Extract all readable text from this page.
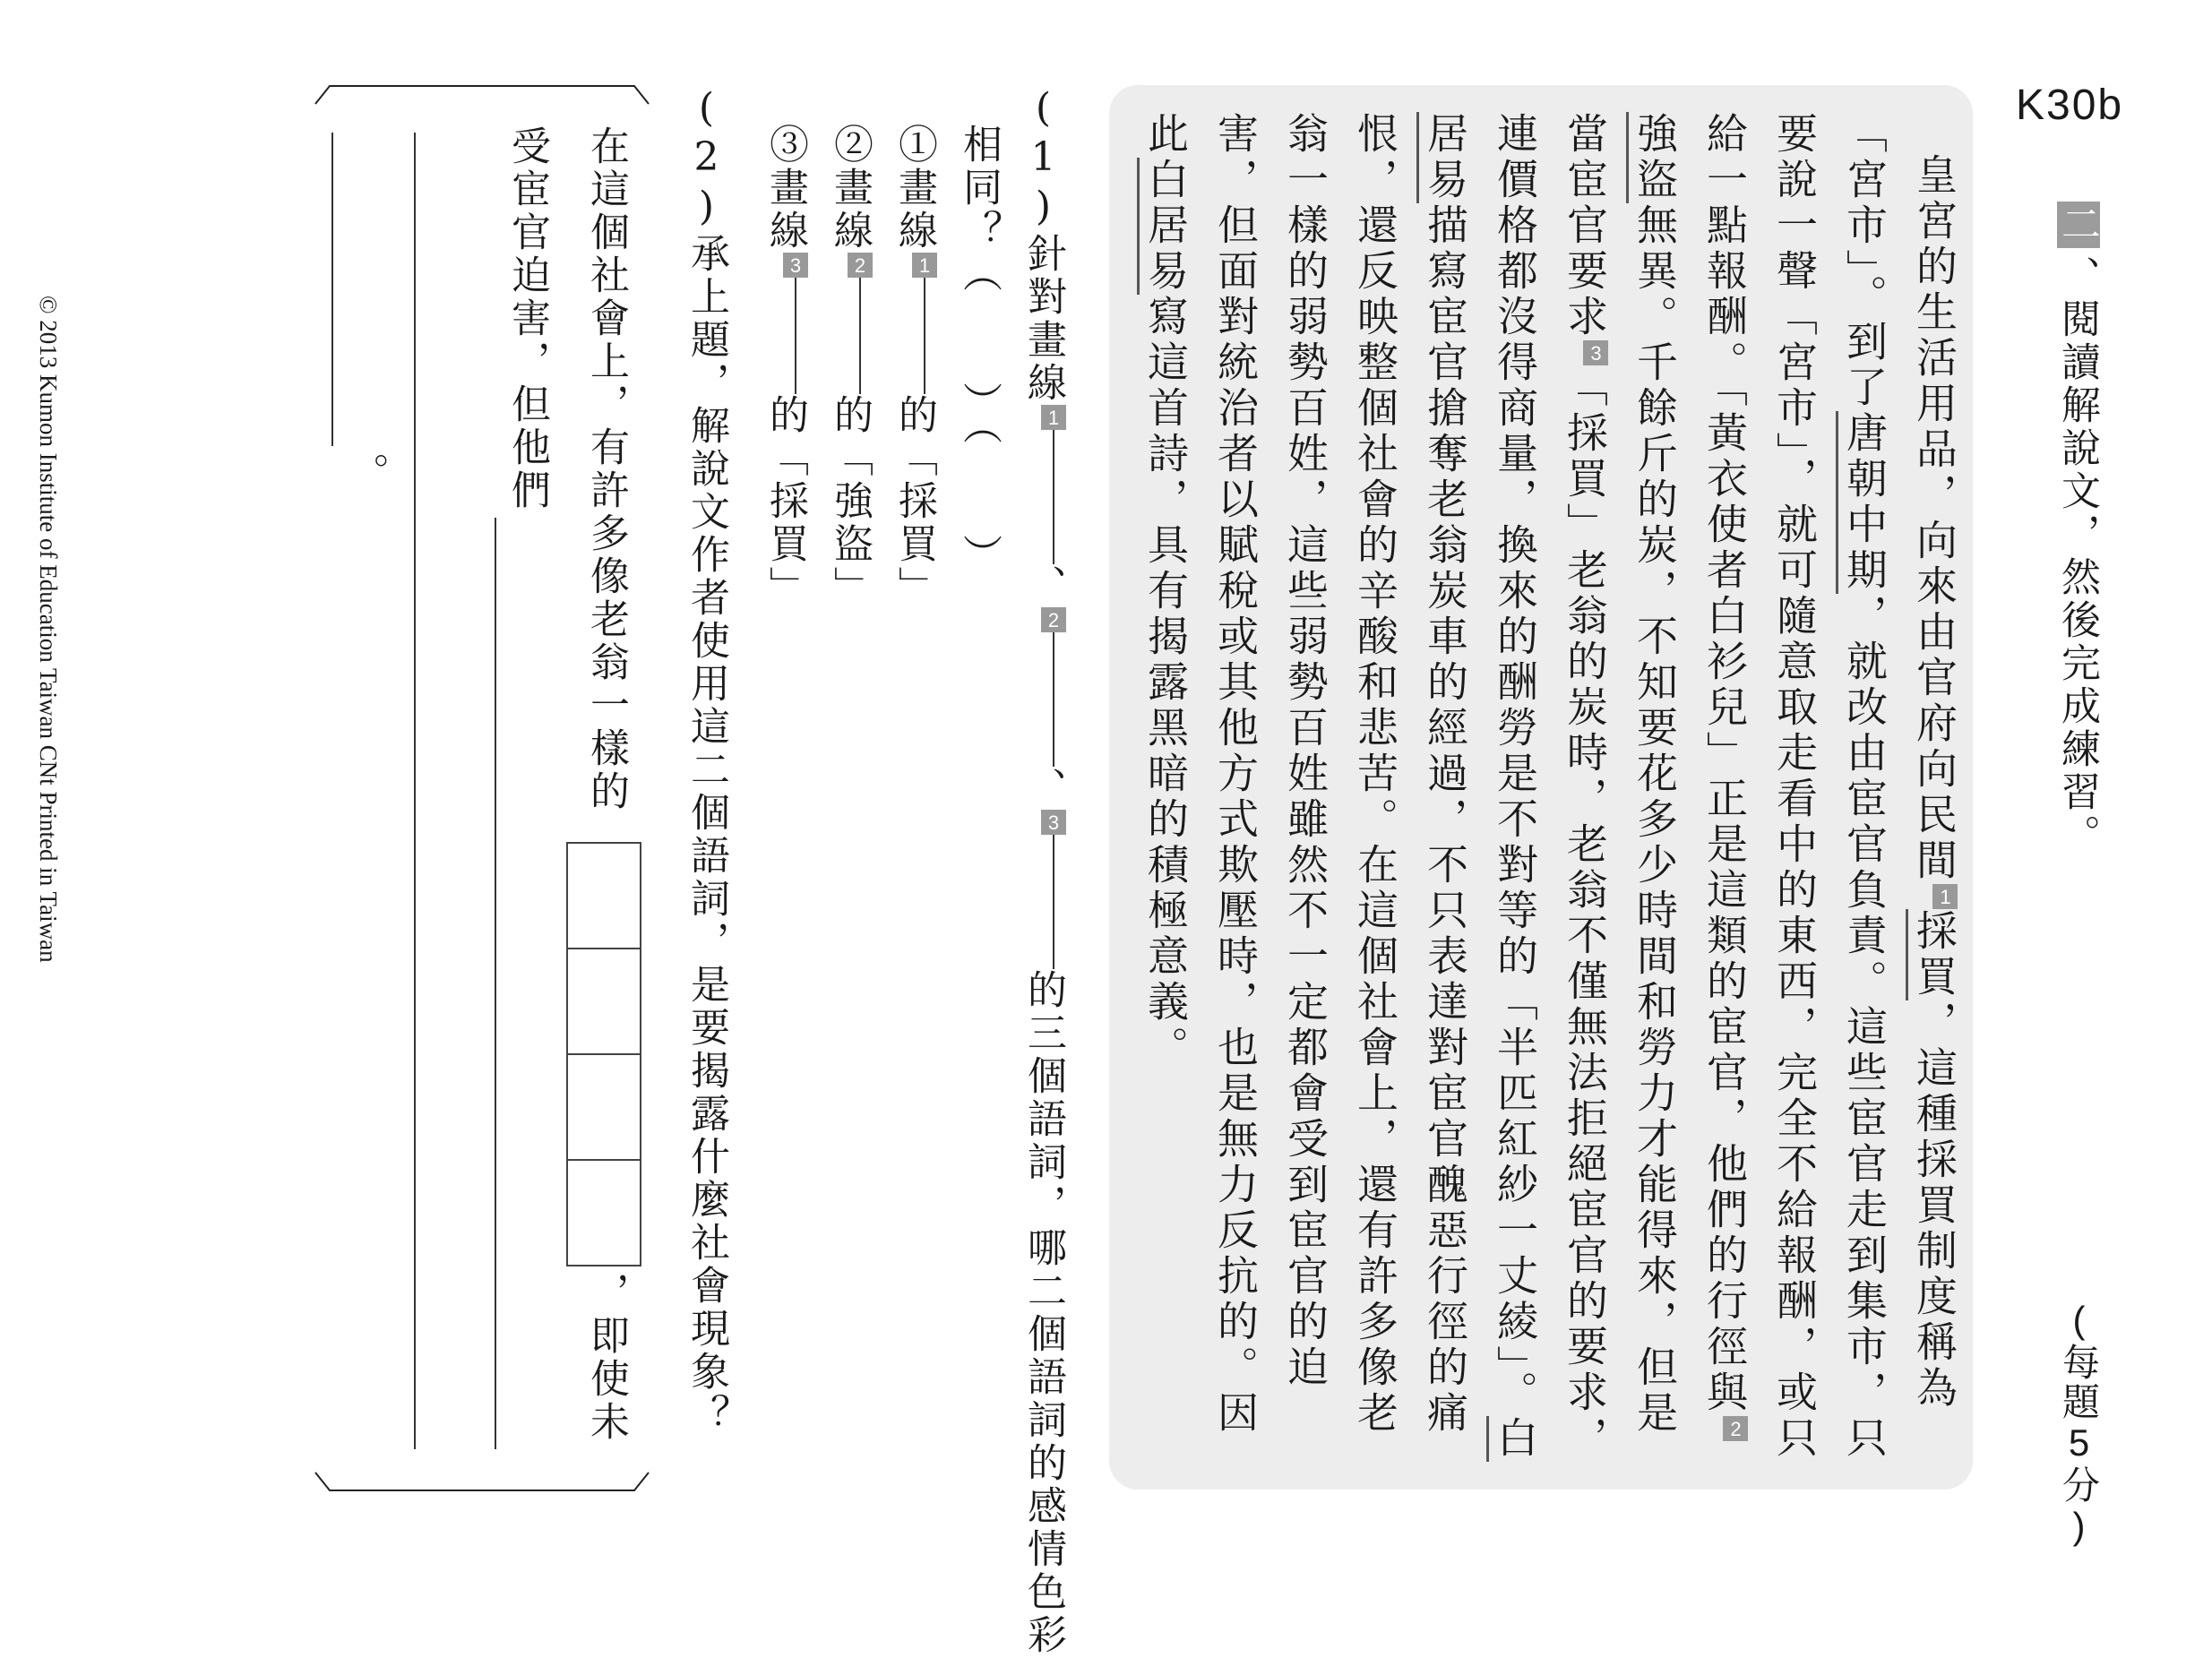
K30b
二、閱讀解說文，然後完成練習。
(每題5分)

皇宮的生活用品，向來由官府向民間1採買，這種採買制度稱為「宮市」。到了唐朝中期，就改由宦官負責。這些宦官走到集市，只要說一聲「宮市」，就可隨意取走看中的東西，完全不給報酬，或只給一點報酬。「黃衣使者白衫兒」正是這類的宦官，他們的行徑與2強盜無異。千餘斤的炭，不知要花多少時間和勞力才能得來，但是當宦官要求3「採買」老翁的炭時，老翁不僅無法拒絕宦官的要求，連價格都沒得商量，換來的酬勞是不對等的「半匹紅紗一丈綾」。白居易描寫宦官搶奪老翁炭車的經過，不只表達對宦官醜惡行徑的痛恨，還反映整個社會的辛酸和悲苦。在這個社會上，還有許多像老翁一樣的弱勢百姓，這些弱勢百姓雖然不一定都會受到宦官的迫害，但面對統治者以賦稅或其他方式欺壓時，也是無力反抗的。因此白居易寫這首詩，具有揭露黑暗的積極意義。

(1)針對畫線1、2、3的三個語詞，哪二個語詞的感情色彩
相同？（　　）（　　）
①畫線1的「採買」
②畫線2的「強盜」
③畫線3的「採買」
(2)承上題，解說文作者使用這二個語詞，是要揭露什麼社會現象？
在這個社會上，有許多像老翁一樣的
，即使未
受宦官迫害，但他們
。
© 2013 Kumon Institute of Education Taiwan CNt Printed in Taiwan
